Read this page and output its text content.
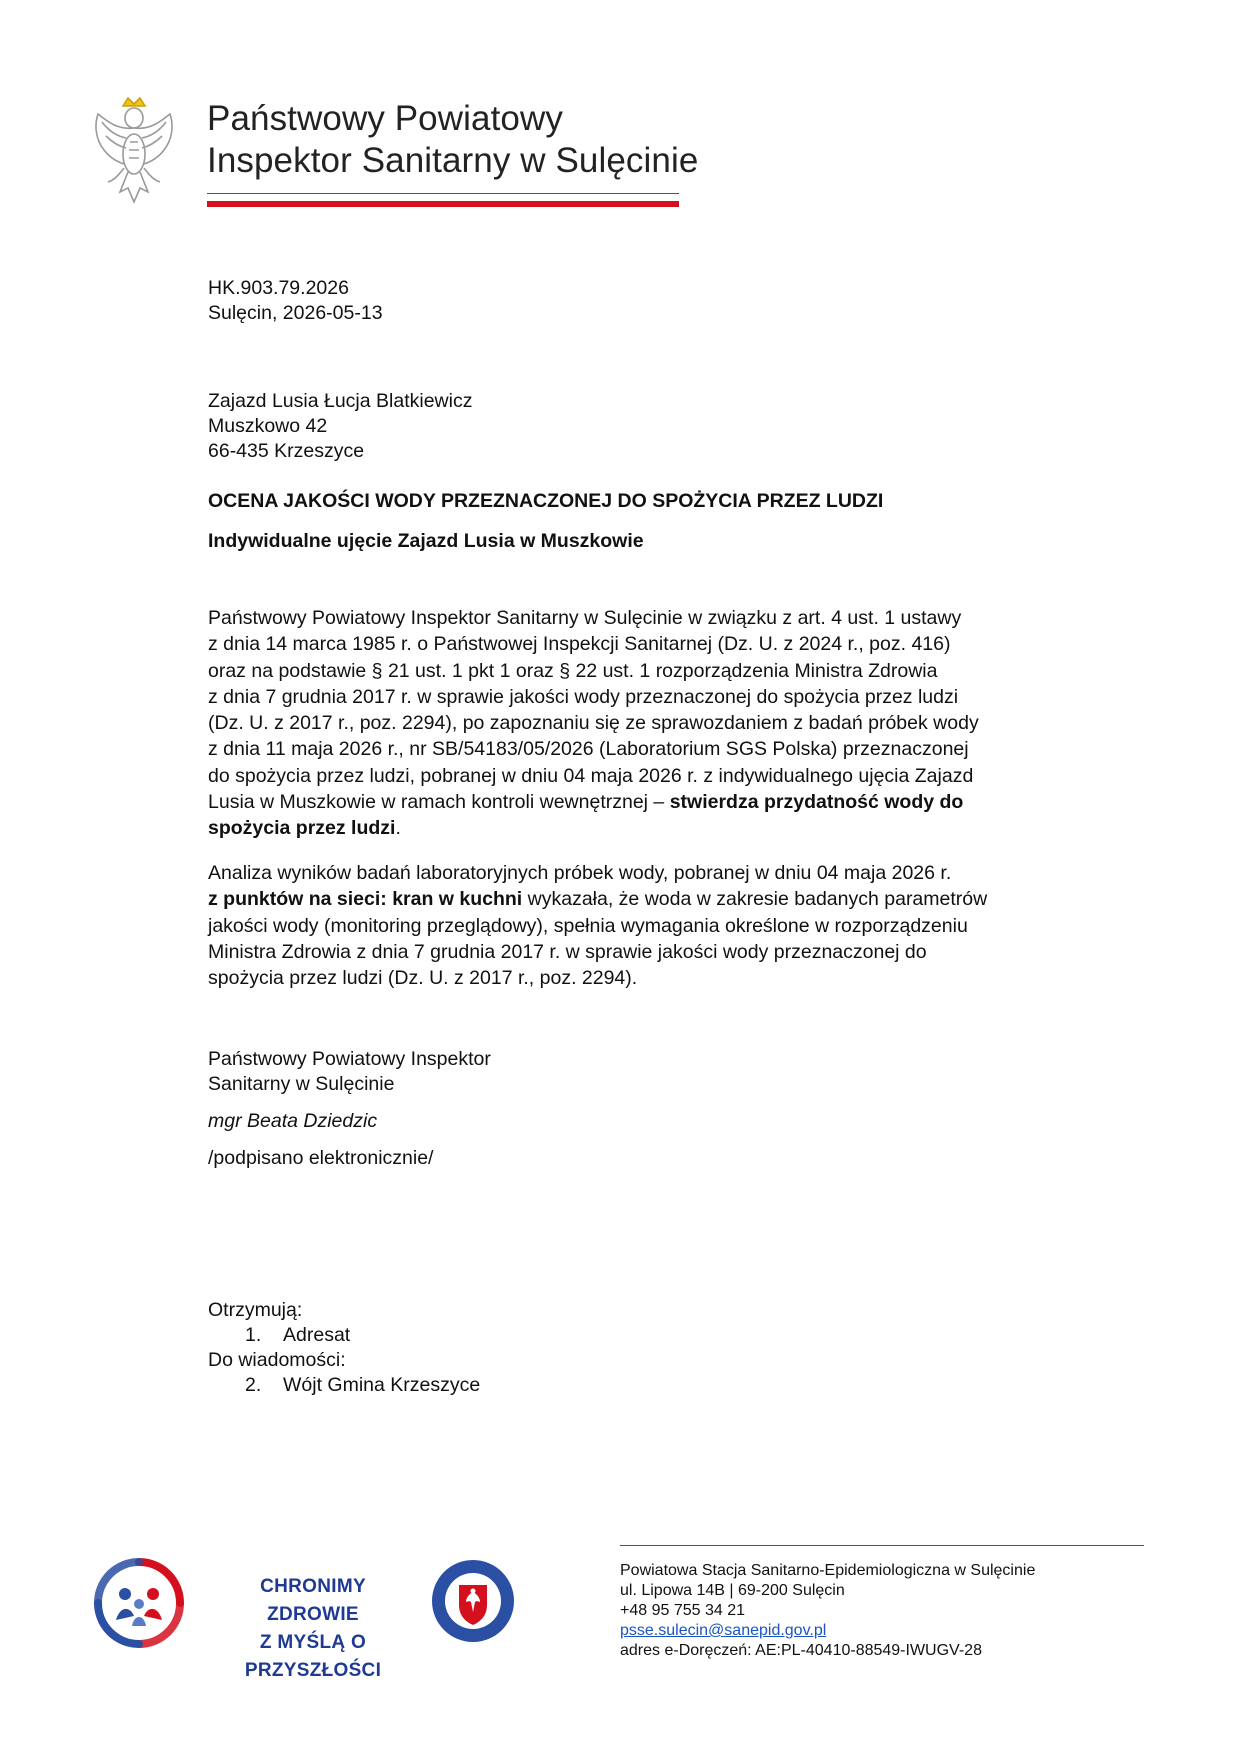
Państwowy Powiatowy
Inspektor Sanitarny w Sulęcinie
HK.903.79.2026
Sulęcin, 2026-05-13
Zajazd Lusia Łucja Blatkiewicz
Muszkowo 42
66-435 Krzeszyce
OCENA JAKOŚCI WODY PRZEZNACZONEJ DO SPOŻYCIA PRZEZ LUDZI
Indywidualne ujęcie Zajazd Lusia w Muszkowie
Państwowy Powiatowy Inspektor Sanitarny w Sulęcinie w związku z art. 4 ust. 1 ustawy
z dnia 14 marca 1985 r. o Państwowej Inspekcji Sanitarnej (Dz. U. z 2024 r., poz. 416)
oraz na podstawie § 21 ust. 1 pkt 1 oraz § 22 ust. 1 rozporządzenia Ministra Zdrowia
z dnia 7 grudnia 2017 r. w sprawie jakości wody przeznaczonej do spożycia przez ludzi
(Dz. U. z 2017 r., poz. 2294), po zapoznaniu się ze sprawozdaniem z badań próbek wody
z dnia 11 maja 2026 r., nr SB/54183/05/2026 (Laboratorium SGS Polska) przeznaczonej
do spożycia przez ludzi, pobranej w dniu 04 maja 2026 r. z indywidualnego ujęcia Zajazd
Lusia w Muszkowie w ramach kontroli wewnętrznej – stwierdza przydatność wody do
spożycia przez ludzi.
Analiza wyników badań laboratoryjnych próbek wody, pobranej w dniu 04 maja 2026 r.
z punktów na sieci: kran w kuchni wykazała, że woda w zakresie badanych parametrów
jakości wody (monitoring przeglądowy), spełnia wymagania określone w rozporządzeniu
Ministra Zdrowia z dnia 7 grudnia 2017 r. w sprawie jakości wody przeznaczonej do
spożycia przez ludzi (Dz. U. z 2017 r., poz. 2294).
Państwowy Powiatowy Inspektor
Sanitarny w Sulęcinie
mgr Beata Dziedzic
/podpisano elektronicznie/
Otrzymują:
1. Adresat
Do wiadomości:
2. Wójt Gmina Krzeszyce
CHRONIMY ZDROWIE
Z MYŚLĄ O PRZYSZŁOŚCI
Powiatowa Stacja Sanitarno-Epidemiologiczna w Sulęcinie
ul. Lipowa 14B | 69-200 Sulęcin
+48 95 755 34 21
psse.sulecin@sanepid.gov.pl
adres e-Doręczeń: AE:PL-40410-88549-IWUGV-28
